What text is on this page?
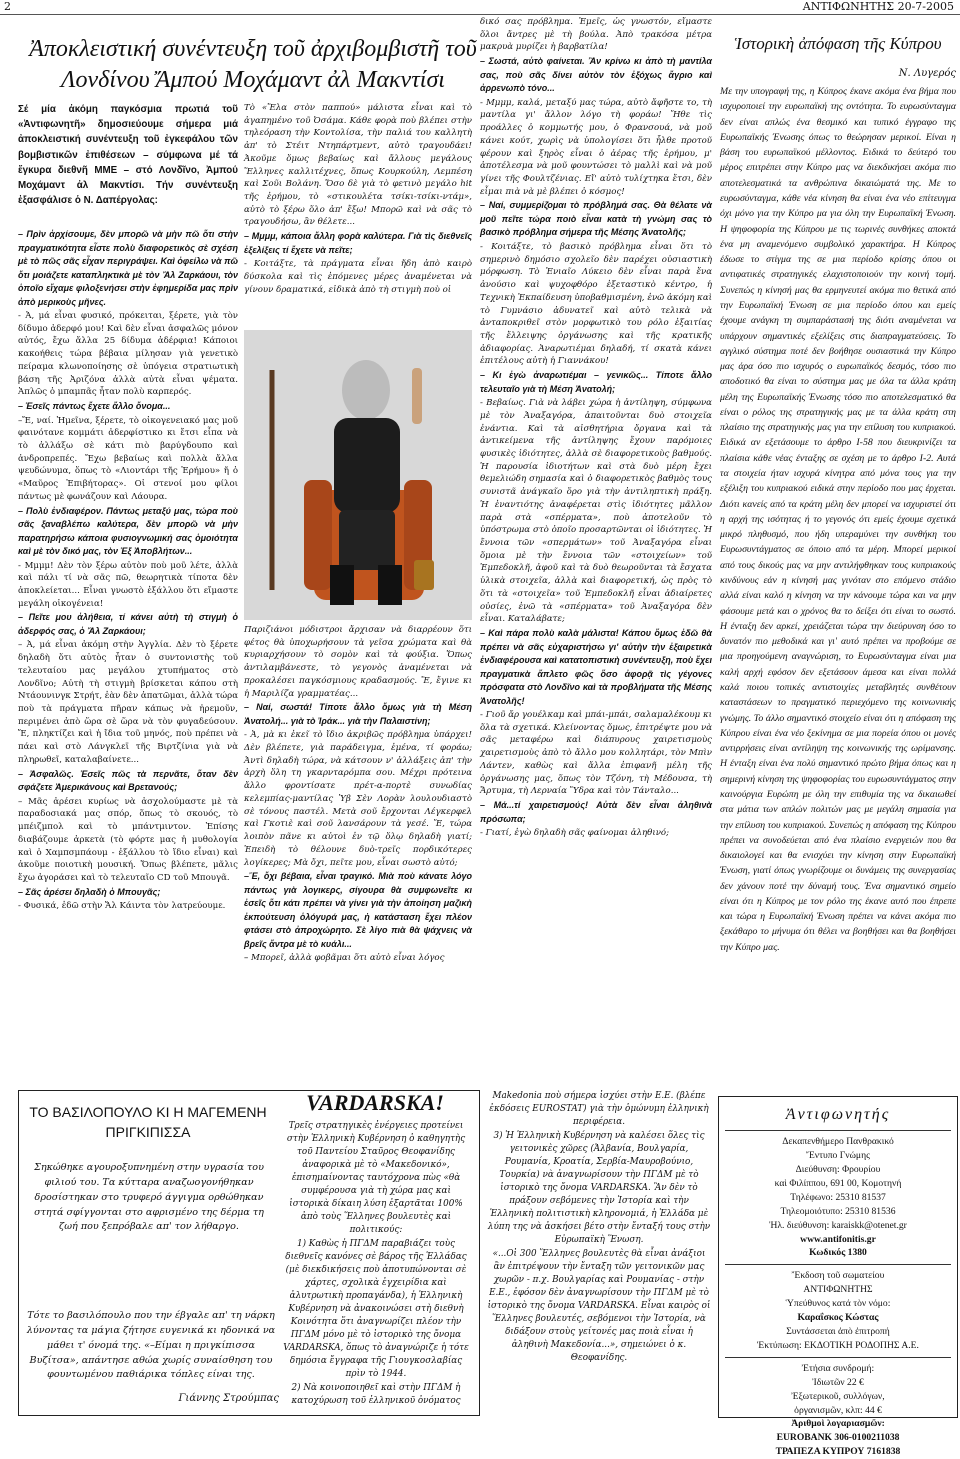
2	ΑΝΤΙΦΩΝΗΤΗΣ 20-7-2005
Ἀποκλειστική συνέντευξη τοῦ ἀρχιβομβιστῆ τοῦ Λονδίνου Ἄμπού Μοχάμαντ ἀλ Μακντίσι
Σέ μία ἀκόμη παγκόσμια πρωτιά τοῦ «Ἀντιφωνητῆ» δημοσιεύουμε σήμερα μιά ἀποκλειστική συνέντευξη τοῦ ἐγκεφάλου τῶν βομβιστικῶν ἐπιθέσεων – σύμφωνα μέ τά ἔγκυρα διεθνῆ ΜΜΕ – στό Λονδῖνο, Ἀμπού Μοχάμαντ ἀλ Μακντίσι. Τήν συνέντευξη ἐξασφάλισε ὁ Ν. Δαπέργολας:

– Πρὶν ἀρχίσουμε, δὲν μπορῶ νὰ μὴν πῶ ὅτι στὴν πραγματικότητα εἶστε πολὺ διαφορετικὸς σὲ σχέση μὲ τὸ πῶς σᾶς εἶχαν περιγράψει. Καὶ ὀφείλω νὰ πῶ ὅτι μοιάζετε καταπληκτικὰ μὲ τὸν Ἄλ Ζαρκάουι, τὸν ὁποῖο εἴχαμε φιλοξενήσει στὴν ἐφημερίδα μας πρὶν ἀπὸ μερικοὺς μῆνες.

- Ἀ, μά εἶναι φυσικό, πρόκειται, ξέρετε, γιὰ τὸν δίδυμο ἀδερφό μου! Καὶ δὲν εἶναι ἀσφαλῶς μόνον αὐτός, ἔχω ἄλλα 25 δίδυμα ἀδέρφια! Κάποιοι κακοήθεις τώρα βέβαια μίλησαν γιὰ γενετικὸ πείραμα κλωνοποίησης σὲ ὑπόγεια στρατιωτικὴ βάση τῆς Ἀριζόνα ἀλλὰ αὐτὰ εἶναι ψέματα. Ἁπλῶς ὁ μπαμπᾶς ἦταν πολὺ καρπερός.

– Ἐσεῖς πάντως ἔχετε ἄλλο ὄνομα...

–Ἔ, ναί. Ἡμεῖνα, ξέρετε, τὸ οἰκογενειακό μας μοῦ φαινότανε κομμάτι ἀδερφίστικο κι ἔτσι εἶπα νὰ τὸ ἀλλάξω σὲ κάτι πιὸ βαρύγδουπο καὶ ἀνδροπρεπές. Ἔχω βεβαίως καὶ πολλὰ ἄλλα ψευδώνυμα, ὅπως τὸ «Λιοντάρι τῆς Ἐρήμου» ἤ ὁ «Μαῦρος Ἐπιβήτορας». Οἱ στενοί μου φίλοι πάντως μὲ φωνάζουν καὶ Λάουρα.

– Πολὺ ἐνδιαφέρον. Πάντως μεταξύ μας, τώρα ποὺ σᾶς ξαναβλέπω καλύτερα, δὲν μπορῶ νὰ μὴν παρατηρήσω κάποια φυσιογνωμική σας ὁμοιότητα καὶ μὲ τὸν δικό μας, τὸν Ἐξ Ἀποβλήτων...

- Μμμμ! Δὲν τὸν ξέρω αὐτὸν ποὺ μοῦ λέτε, ἀλλὰ καὶ πάλι τί νὰ σᾶς πῶ, θεωρητικὰ τίποτα δὲν ἀποκλείεται... Εἶναι γνωστὸ ἐξάλλου ὅτι εἴμαστε μεγάλη οἰκογένεια!

– Πεῖτε μου ἀλήθεια, τί κάνει αὐτὴ τὴ στιγμὴ ὁ ἀδερφός σας, ὁ Ἄλ Ζαρκάουι;

– Ἀ, μά εἶναι ἀκόμη στὴν Ἀγγλία. Δὲν τὸ ξέρετε δηλαδὴ ὅτι αὐτὸς ἦταν ὁ συντονιστὴς τοῦ τελευταίου μας μεγάλου χτυπήματος στὸ Λονδῖνο; Αὐτὴ τὴ στιγμὴ βρίσκεται κάπου στὴ Ντάουνινγκ Στρήτ, ἐὰν δὲν ἀπατῶμαι, ἀλλὰ τώρα ποὺ τὰ πράγματα πῆραν κάπως νὰ ἠρεμοῦν, περιμένει ἀπὸ ὥρα σὲ ὥρα νὰ τὸν φυγαδεύσουν. Ἔ, πληκτίζει καὶ ἡ ἴδια τοῦ μηνός, ποὺ πρέπει νὰ πάει καὶ στὸ Λάνγκλεϊ τῆς Βιρτζίνια γιὰ νὰ πληρωθεῖ, καταλαβαίνετε...

– Ἀσφαλῶς. Ἐσεῖς πῶς τὰ περνᾶτε, ὅταν δὲν σφάζετε Ἀμερικάνους καὶ Βρετανούς;

– Μᾶς ἀρέσει κυρίως νὰ ἀσχολούμαστε μὲ τὰ παραδοσιακά μας σπόρ, ὅπως τὸ σκουός, τὸ μπέιζμπολ καὶ τὸ μπάντμιντον. Ἐπίσης διαβάζουμε ἀρκετὰ (τὸ φόρτε μας ἡ μυθολογία καὶ ὁ Χαμπσμπάουμ - ἐξάλλου τὸ ἴδιο εἶναι) καὶ ἀκοῦμε ποιοτικὴ μουσική. Ὅπως βλέπετε, μᾶλις ἔχω ἀγοράσει καὶ τὸ τελευταῖο CD τοῦ Μπουγᾶ.

– Σᾶς ἀρέσει δηλαδὴ ὁ Μπουγᾶς;

- Φυσικά, ἐδῶ στὴν Ἄλ Κάιντα τὸν λατρεύουμε.

Τὸ «Ἔλα στὸν παππού» μάλιστα εἶναι καὶ τὸ ἀγαπημένο τοῦ Ὀσάμα. Κάθε φορὰ ποὺ βλέπει στὴν τηλεόραση τὴν Κοντολίσα, τὴν παλιά του καλλητὴ ἀπ' τὸ Στέιτ Ντηπάρτμεντ, αὐτὸ τραγουδάει! Ἀκοῦμε ὅμως βεβαίως καὶ ἄλλους μεγάλους Ἕλληνες καλλιτέχνες, ὅπως Κουρκούλη, Λεμπέση καὶ Σοῦι Βολάνη. Ὅσο δὲ γιὰ τὸ φετινὸ μεγάλο hit τῆς ἐρήμου, τὸ «στικουλέτα τσίκι-τσίκι-ντάμ», αὐτὸ τὸ ξέρω ὅλο ἀπ' ἔξω! Μπορῶ καὶ νὰ σᾶς τὸ τραγουδήσω, ἂν θέλετε...

– Μμμμ, κάποια ἄλλη φορὰ καλύτερα. Γιὰ τὶς διεθνεῖς ἐξελίξεις τί ἔχετε νὰ πεῖτε;

- Κοιτάξτε, τὰ πράγματα εἶναι ἤδη ἀπὸ καιρὸ δύσκολα καὶ τὶς ἐπόμενες μέρες ἀναμένεται νὰ γίνουν δραματικά, εἰδικὰ ἀπὸ τὴ στιγμὴ ποὺ οἱ

Παριζιάνοι μόδιστροι ἄρχισαν νὰ διαρρέουν ὅτι φέτος θὰ ὑποχωρήσουν τὰ γεῖσα χρώματα καὶ θὰ κυριαρχήσουν τὸ σομὸν καὶ τὰ φούξια. Ὅπως ἀντιλαμβάνεστε, τὸ γεγονὸς ἀναμένεται νὰ προκαλέσει παγκόσμιους κραδασμούς. Ἔ, ἔγινε κι ἡ Μαριλίζα γραμματέας...

– Ναί, σωστά! Τίποτε ἄλλο ὅμως γιὰ τὴ Μέση Ἀνατολή... γιὰ τὸ Ἰράκ... γιὰ τὴν Παλαιστίνη;

- Ἀ, μὰ κι ἐκεῖ τὸ ἴδιο ἀκριβῶς πρόβλημα ὑπάρχει! Δὲν βλέπετε, γιὰ παράδειγμα, ἐμένα, τί φοράω; Ἀντὶ δηλαδὴ τώρα, νὰ κάτσουν ν' ἀλλάξεις ἀπ' τὴν ἀρχὴ ὅλη τη γκαρνταρόμπα σου. Μέχρι πρότεινα ἄλλο φροντίσατε πρέτ-α-πορτὲ συνωδίας κελεμπίας-μαντίλας Ὑβ Σὲν Λορὰν λουλουδιαστὸ σὲ τόνους παστέλ. Μετὰ σοῦ ἔρχονται Λέγκερφελ καὶ Γκοτιὲ καὶ σοῦ λανσάρουν τὰ γεσέ. Ἔ, τώρα λοιπὸν πᾶνε κι αὐτοὶ ἐν τῷ ὅλῳ δηλαδὴ γιατί; Ἐπειδὴ τὸ θέλουνε δυὸ-τρεῖς πορδικότερες λογίκερες; Μὰ ὄχι, πεῖτε μου, εἶναι σωστὸ αὐτό;

–Ἔ, ὄχι βέβαια, εἶναι τραγικό. Μιὰ ποὺ κάνατε λόγο πάντως γιὰ λογικερς, σίγουρα θὰ συμφωνεῖτε κι ἐσεῖς ὅτι κάτι πρέπει νὰ γίνει γιὰ τὴν ἀποίηση μαζικὴ ἐκπούτευση ὁλόγυρά μας, ἡ κατάσταση ἔχει πλέον φτάσει στὸ ἀπροχώρητο. Σὲ λίγο πιὰ θὰ ψάχνεις νὰ βρεῖς ἄντρα μὲ τὸ κυάλι...

– Μπορεῖ, ἀλλὰ φοβᾶμαι ὅτι αὐτὸ εἶναι λόγος

δικό σας πρόβλημα. Ἐμεῖς, ὡς γνωστόν, εἴμαστε ὅλοι ἄντρες μὲ τὴ βούλα. Ἀπὸ τρακόσα μέτρα μακρυὰ μυρίζει ἡ βαρβατίλα!

– Σωστά, αὐτὸ φαίνεται. Ἂν κρίνω κι ἀπὸ τὴ μαντίλα σας, ποὺ σᾶς δίνει αὐτὸν τὸν ἐξόχως ἄγριο καὶ ἀρρενωπὸ τόνο...

- Μμμμ, καλά, μεταξύ μας τώρα, αὐτὸ ἄφῆστε το, τὴ μαντίλα γι' ἄλλον λόγο τὴ φοράω! Ἤθε τὶς προάλλες ὁ κομμωτής μου, ὁ Φρανσουά, νὰ μοῦ κάνει κούτ, χωρὶς νὰ ὑπολογίσει ὅτι ἦλθε προτοῦ φέρουν καὶ ξηρὸς εἶναι ὁ ἀέρας τῆς ἐρήμου, μ' ἀποτέλεσμα νὰ μοῦ φουντώσει τὸ μαλλὶ καὶ νὰ μοῦ γίνει τῆς Φουλτζένιας. Εἴ' αὐτὸ τυλίχτηκα ἔτσι, δὲν εἶμαι πιὰ νὰ μὲ βλέπει ὁ κόσμος!

– Ναί, συμμερίζομαι τὸ πρόβλημά σας. Θὰ θέλατε νὰ μοῦ πεῖτε τώρα ποιὸ εἶναι κατὰ τὴ γνώμη σας τὸ βασικὸ πρόβλημα σήμερα τῆς Μέσης Ἀνατολῆς;

- Κοιτάξτε, τὸ βασικὸ πρόβλημα εἶναι ὅτι τὸ σημερινὸ δημόσιο σχολεῖο δὲν παρέχει οὐσιαστικὴ μόρφωση. Τὸ Ἑνιαῖο Λύκειο δὲν εἶναι παρὰ ἕνα ἀνούσιο καὶ ψυχοφθόρο ἐξεταστικὸ κέντρο, ἡ Τεχνικὴ Ἐκπαίδευση ὑποβαθμισμένη, ἐνῶ ἀκόμη καὶ τὸ Γυμνάσιο ἀδυνατεῖ καὶ αὐτὸ τελικὰ νὰ ἀνταποκριθεῖ στὸν μορφωτικὸ του ρόλο ἐξαιτίας τῆς ἔλλειψης ὀργάνωσης καὶ τῆς κρατικῆς ἀδιαφορίας. Ἀναρωτιέμαι δηλαδή, τί σκατὰ κάνει ἐπιτέλους αὐτὴ ἡ Γιαννάκου!

– Κι ἐγὼ ἀναρωτιέμαι – γενικῶς... Τίποτε ἄλλο τελευταῖο γιὰ τὴ Μέση Ἀνατολή;

- Βεβαίως. Γιὰ νὰ λάβει χώρα ἡ ἀντίληψη, σύμφωνα μὲ τὸν Ἀναξαγόρα, ἀπαιτοῦνται δυὸ στοιχεῖα ἐνάντια. Καὶ τὰ αἰσθητήρια ὄργανα καὶ τὰ ἀντικείμενα τῆς ἀντίληψης ἔχουν παρόμοιες φυσικὲς ἰδιότητες, ἀλλὰ σὲ διαφορετικοὺς βαθμούς. Ἡ παρουσία ἰδιοτήτων καὶ στὰ δυὸ μέρη ἔχει θεμελιώδη σημασία καὶ ὁ διαφορετικὸς βαθμὸς τους συνιστᾶ ἀνάγκαῖο ὅρο γιὰ τὴν ἀντιληπτικὴ πράξη. Ἡ ἐναντιότης ἀναφέρεται στὶς ἰδιότητες μᾶλλον παρὰ στὰ «σπέρματα», ποὺ ἀποτελοῦν τὸ ὑπόστρωμα στὸ ὁποῖο προσαρτῶνται οἱ ἰδιότητες. Ἡ ἔννοια τῶν «σπερμάτων» τοῦ Ἀναξαγόρα εἶναι ὅμοια μὲ τὴν ἔννοια τῶν «στοιχείων» τοῦ Ἐμπεδοκλῆ, ἀφοῦ καὶ τὰ δυὸ θεωροῦνται τὰ ἔσχατα ὑλικὰ στοιχεῖα, ἀλλὰ καὶ διαφορετική, ὡς πρὸς τὸ ὅτι τὰ «στοιχεῖα» τοῦ Ἐμπεδοκλῆ εἶναι ἀδιαίρετες οὐσίες, ἐνῶ τὰ «σπέρματα» τοῦ Ἀναξαγόρα δὲν εἶναι. Καταλάβατε;

– Καὶ πάρα πολὺ καλὰ μάλιστα! Κάπου ὅμως ἐδῶ θὰ πρέπει νὰ σᾶς εὐχαριστήσω γι' αὐτὴν τὴν ἐξαιρετικὰ ἐνδιαφέρουσα καὶ κατατοπιστικὴ συνέντευξη, ποὺ ἔχει πραγματικὰ ἄπλετο φῶς ὅσο ἀφορᾷ τὶς γέγονες πρόσφατα στὸ Λονδῖνο καὶ τὰ προβλήματα τῆς Μέσης Ἀνατολῆς!

- Γιοῦ ἄρ γουέλκαμ καὶ μπάι-μπάι, σαλαμαλέκουμ κι ὅλα τὰ σχετικά. Κλείνοντας ὅμως, ἐπιτρέψτε μου νὰ σᾶς μεταφέρω καὶ διάπυρους χαιρετισμοὺς χαιρετισμοὺς ἀπὸ τὸ ἄλλο μου κολλητάρι, τὸν Μπὶν Λάντεν, καθὼς καὶ ἄλλα ἐπιφανῆ μέλη τῆς ὀργάνωσης μας, ὅπως τὸν Τζόνη, τὴ Μέδουσα, τὴ Ἄρτυμα, τὴ Λερναία Ὕδρα καὶ τὸν Τάνταλο...

– Μά...τί χαιρετισμούς! Αὐτὰ δὲν εἶναι ἀληθινὰ πρόσωπα;

- Γιατί, ἐγὼ δηλαδὴ σᾶς φαίνομαι ἀληθινό;

ΤΟ ΒΑΣΙΛΟΠΟΥΛΟ ΚΙ Η ΜΑΓΕΜΕΝΗ ΠΡΙΓΚΙΠΙΣΣΑ
Σηκώθηκε αγουροξυπνημένη στην υγρασία του φιλιού του. Τα κύτταρα αναζωογονήθηκαν δροσίστηκαν στο τρυφερό άγγιγμα ορθώθηκαν στητά σφίγγονται στο αφρισμένο της δέρμα τη ζωή που ξεπρόβαλε απ' τον λήθαργο.
Τότε το βασιλόπουλο που την έβγαλε απ' τη νάρκη λύνοντας τα μάγια ζήτησε ευγενικά κι ηδονικά να μάθει τ' όνομά της. «–Είμαι η πριγκίπισσα Βυζίτσα», απάντησε αθώα χωρίς συναίσθηση του φουντωμένου παθιάρικα τόπλες είναι της.
Γιάννης Στρούμπας
VARDARSKA!

Τρεῖς στρατηγικὲς ἐνέργειες προτείνει στὴν Ἑλληνικὴ Κυβέρνηση ὁ καθηγητὴς τοῦ Παντείου Σταῦρος Θεοφανίδης ἀναφορικὰ μὲ τὸ «Μακεδονικό», ἐπισημαίνοντας ταυτόχρονα πὼς «θὰ συμφέρουσα γιὰ τὴ χώρα μας καὶ ἱστορικὰ δίκαιη λύση ἐξαρτᾶται 100% ἀπὸ τοὺς Ἕλληνες βουλευτὲς καὶ πολιτικούς:

1) Καθὼς ἡ ΠΓΔΜ παραβιάζει τοὺς διεθνεῖς κανόνες σὲ βάρος τῆς Ἑλλάδας (μὲ διεκδικήσεις ποὺ ἀποτυπώνονται σὲ χάρτες, σχολικὰ ἐγχειρίδια καὶ ἀλυτρωτικὴ προπαγάνδα), ἡ Ἑλληνικὴ Κυβέρνηση νὰ ἀνακοινώσει στὴ διεθνὴ Κοινότητα ὅτι ἀναγνωρίζει πλέον τὴν ΠΓΔΜ μόνο μὲ τὸ ἱστορικὸ της ὄνομα VARDARSKA, ὅπως τὸ ἀναγνώριζε ἡ τότε δημόσια ἔγγραφα τῆς Γιουγκοσλαβίας πρὶν τὸ 1944.

2) Νὰ κοινοποιηθεῖ καὶ στὴν ΠΓΔΜ ἡ κατοχύρωση τοῦ ἑλληνικοῦ ὀνόματος

Makedonia ποὺ σήμερα ἰσχύει στὴν Ε.Ε. (βλέπε ἐκδόσεις EUROSTAT) γιὰ τὴν ὁμώνυμη ἑλληνικὴ περιφέρεια.

3) Ἡ Ἑλληνικὴ Κυβέρνηση νὰ καλέσει ὅλες τὶς γειτονικὲς χῶρες (Ἀλβανία, Βουλγαρία, Ρουμανία, Κροατία, Σερβία-Μαυροβούνιο, Τουρκία) νὰ ἀναγνωρίσουν τὴν ΠΓΔΜ μὲ τὸ ἱστορικὸ της ὄνομα VARDARSKA. Ἂν δὲν τὸ πράξουν σεβόμενες τὴν Ἱστορία καὶ τὴν Ἑλληνικὴ πολιτιστικὴ κληρονομιά, ἡ Ἑλλάδα μὲ λύπη της νὰ ἀσκήσει βέτο στὴν ἔνταξή τους στὴν Εὐρωπαϊκὴ Ἕνωση.

«...Οἱ 300 Ἕλληνες βουλευτὲς θὰ εἶναι ἀνάξιοι ἂν ἐπιτρέψουν τὴν ἔνταξη τῶν γειτονικῶν μας χωρῶν - π.χ. Βουλγαρίας καὶ Ρουμανίας - στὴν Ε.Ε., ἐφόσον δὲν ἀναγνωρίσουν τὴν ΠΓΔΜ μὲ τὸ ἱστορικὸ της ὄνομα VARDARSKA. Εἶναι καιρὸς οἱ Ἕλληνες βουλευτές, σεβόμενοι τὴν Ἱστορία, νὰ διδάξουν στοὺς γείτονές μας ποιὰ εἶναι ἡ ἀληθινὴ Μακεδονία...», σημειώνει ὁ κ. Θεοφανίδης.

Ἱστορικὴ ἀπόφαση τῆς Κύπρου
Ν. Λυγερός
Με την υπογραφή της, η Κύπρος έκανε ακόμα ένα βήμα που ισχυροποιεί την ευρωπαϊκή της οντότητα. Το ευρωσύνταγμα δεν είναι απλώς ένα θεσμικό και τυπικό έγγραφο της Ευρωπαϊκής Ένωσης όπως το θεώρησαν μερικοί. Είναι η βάση του ευρωπαϊκού μέλλοντος. Ειδικά το δεύτερό του μέρος επιτρέπει στην Κύπρο μας να διεκδικήσει ακόμα πιο αποτελεσματικά τα ανθρώπινα δικαιώματά της. Με το ευρωσύνταγμα, κάθε νέα κίνηση θα είναι ένα νέο επίτευγμα όχι μόνο για την Κύπρο μα για όλη την Ευρωπαϊκή Ένωση. Η ψηφοφορία της Κύπρου με τις τωρινές συνθήκες αποκτά ένα μη αναμενόμενο συμβολικό χαρακτήρα. Η Κύπρος έδωσε το στίγμα της σε μια περίοδο κρίσης όπου οι αντιφατικές στρατηγικές ελαχιστοποιούν την κοινή τομή. Συνεπώς η κίνησή μας θα ερμηνευτεί ακόμα πιο θετικά από την Ευρωπαϊκή Ένωση σε μια περίοδο όπου και εμείς έχουμε ανάγκη τη συμπαράστασή της διότι αναμένεται να υπάρχουν σημαντικές εξελίξεις στις διαπραγματεύσεις. Το αγγλικό σύστημα ποτέ δεν βοήθησε ουσιαστικά την Κύπρο μας άρα όσο πιο ισχυρός ο ευρωπαϊκός δεσμός, τόσο πιο αποδοτικό θα είναι το σύστημα μας με όλα τα άλλα κράτη μέλη της Ευρωπαϊκής Ένωσης τόσο πιο αποτελεσματικό θα είναι ο ρόλος της στρατηγικής μας με τα άλλα κράτη στη πλαίσιο της στρατηγικής μας για την επίλυση του κυπριακού. Ειδικά αν εξετάσουμε το άρθρο Ι-58 που διευκρινίζει τα πλαίσια κάθε νέας ένταξης σε σχέση με το άρθρο Ι-2. Αυτά τα στοιχεία ήταν ισχυρά κίνητρα από μόνα τους για την εξέλιξη του κυπριακού ειδικά στην περίοδο που μας έρχεται. Διότι κανείς από τα κράτη μέλη δεν μπορεί να ισχυριστεί ότι η αρχή της ισότητας ή το γεγονός ότι εμείς έχουμε σχετικά μικρό πληθυσμό, που ήδη υπεραμύνει την συνθήκη του Ευρωσυντάγματος σε όποιο από τα μέρη. Μπορεί μερικοί από τους δικούς μας να μην αντιλήφθηκαν τους κυπριακούς κινδύνους εάν η κίνησή μας γινόταν στο επόμενο στάδιο αλλά είναι καλό η κίνηση να την κάνουμε τώρα και να μην φάσουμε μετά και ο χρόνος θα το δείξει ότι είναι το σωστό. Η ένταξη δεν αρκεί, χρειάζεται τώρα την διεύρυνση όσο το δυνατόν πιο μεθοδικά και γι' αυτό πρέπει να προβούμε σε μια προηγούμενη αναγνώριση, το Ευρωσύνταγμα είναι μια καλή αρχή εφόσον δεν εξετάσουν άμεσα και είναι πολλά καλά ποιου τοπικές αντιστοιχίες μεταβλητές συνθέτουν καταστάσεων το πραγματικό περιεχόμενο της κοινωνικής γνώμης. Το άλλο σημαντικό στοιχείο είναι ότι η απόφαση της Κύπρου είναι ένα νέο ξεκίνημα σε μια πορεία όπου οι μονές αντιρρήσεις είναι αντίληψη της κοινωνικής της ωρίμανσης. Η ένταξη είναι ένα πολύ σημαντικό πρώτο βήμα όπως και η σημερινή κίνηση της ψηφοφορίας του ευρωσυντάγματος στην καινούργια Ευρώπη με όλη την επιθυμία της να δικαιωθεί στα μάτια των απλών πολιτών μας με μεγάλη σημασία για την επίλυση του κυπριακού. Συνεπώς η απόφαση της Κύπρου πρέπει να συνοδεύεται από ένα πλαίσιο ενεργειών που θα δικαιολογεί και θα ενισχύει την κίνηση στην Ευρωπαϊκή Ένωση, γιατί όπως γνωρίζουμε οι δυνάμεις της συνεργασίας δεν χάνουν ποτέ την δύναμή τους. Ένα σημαντικό σημείο είναι ότι η Κύπρος με τον ρόλο της έκανε αυτό που έπρεπε και τώρα η Ευρωπαϊκή Ένωση πρέπει να κάνει ακόμα πιο ξεκάθαρο το μήνυμα ότι θέλει να βοηθήσει και θα βοηθήσει την Κύπρο μας.
Ἀντιφωνητής
Δεκαπενθήμερο Πανθρακικό
Ἔντυπο Γνώμης
Διεύθυνση: Φρουρίου
καὶ Φιλίππου, 691 00, Κομοτηνή
Τηλέφωνο: 25310 81537
Τηλεομοιότυπο: 25310 81536
Ἠλ. διεύθυνση: karaiskk@otenet.gr
www.antifonitis.gr
Κωδικός 1380
Ἔκδοση τοῦ σωματείου
ΑΝΤΙΦΩΝΗΤΗΣ
Ὑπεύθυνος κατά τὸν νόμο:
Καραΐσκος Κώστας
Συντάσσεται ἀπὸ ἐπιτροπή
Ἐκτύπωση: ΕΚΔΟΤΙΚΗ ΡΟΔΟΠΗΣ Α.Ε.
Ἐτήσια συνδρομή:
Ἰδιωτῶν 22 €
Ἐξωτερικοῦ, συλλόγων,
ὀργανισμῶν, κλπ: 44 €
Ἀριθμοὶ λογαριασμῶν:
EUROBANK 306-0100211038
ΤΡΑΠΕΖΑ ΚΥΠΡΟΥ 7161838
